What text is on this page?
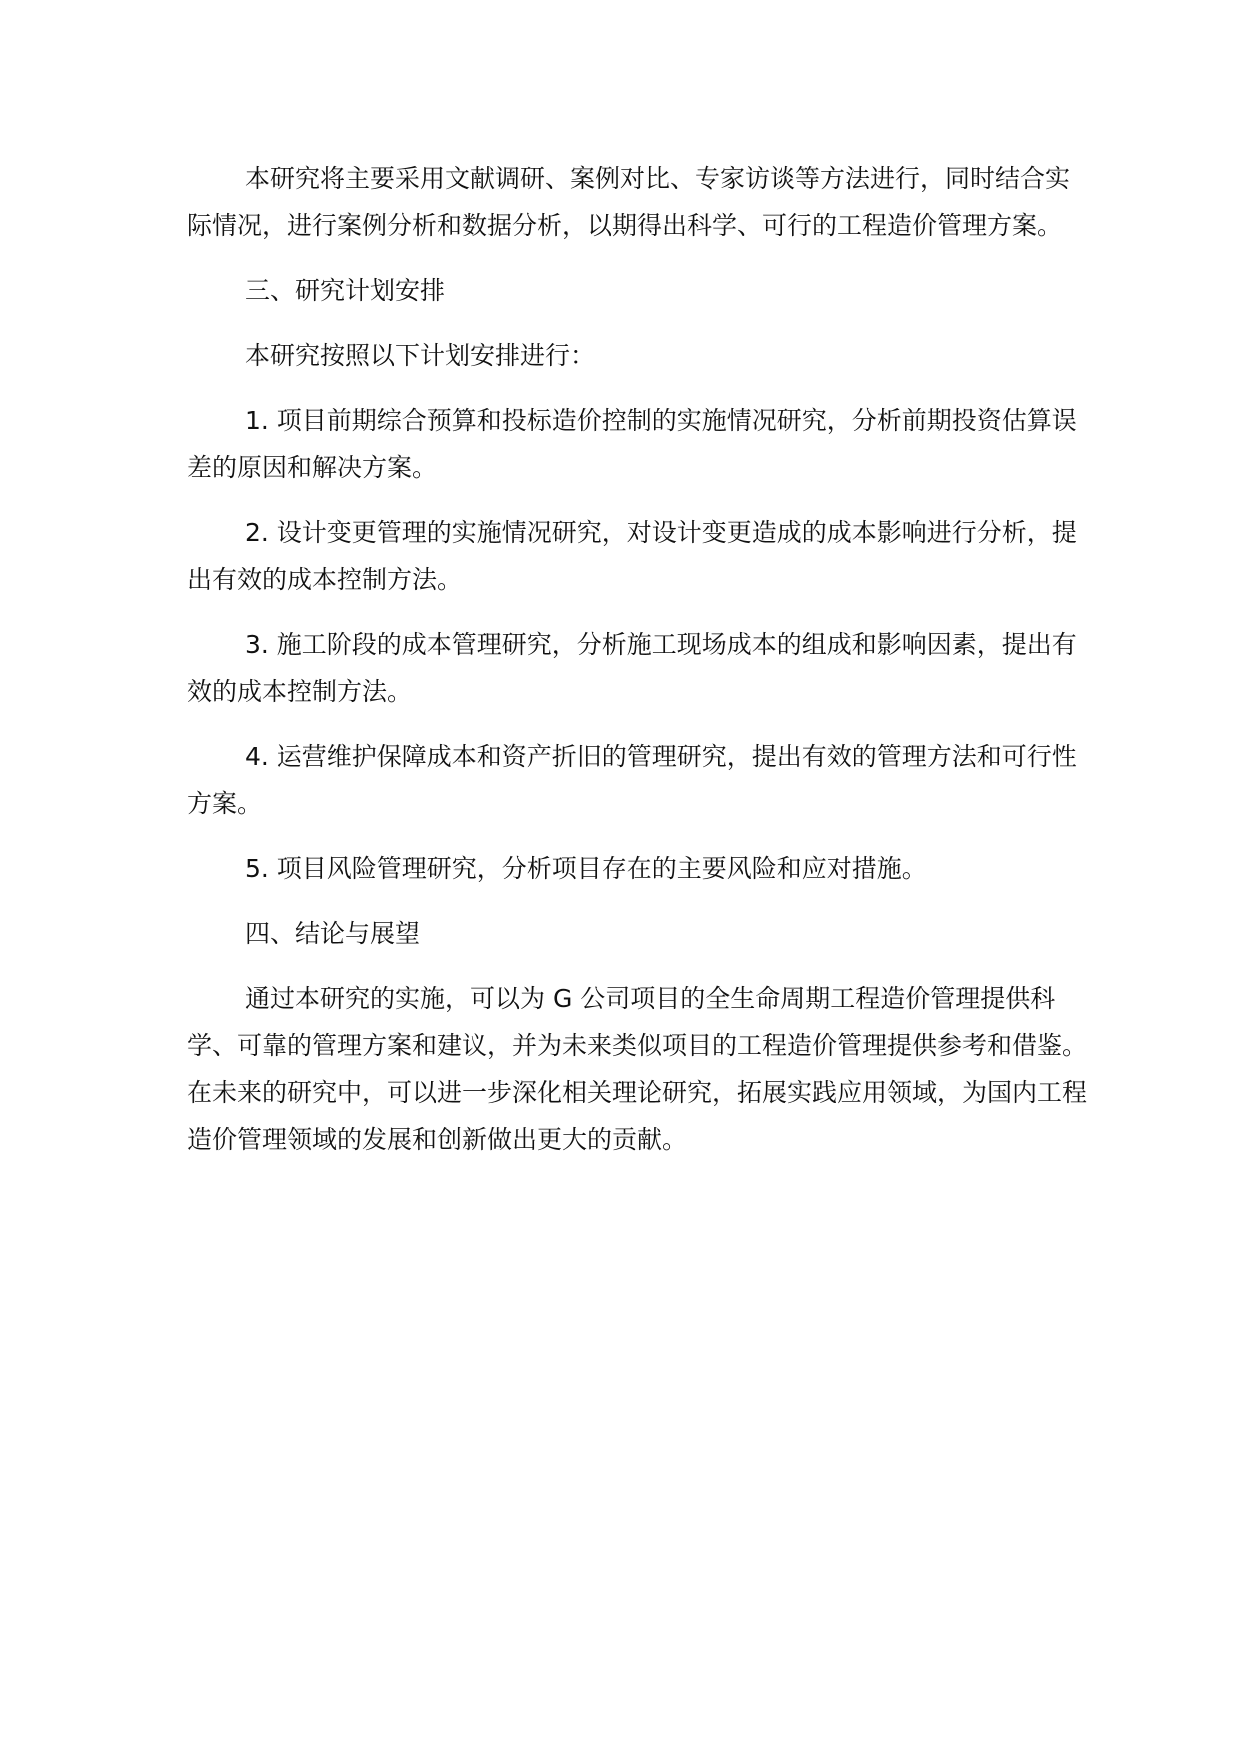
本研究将主要采用文献调研、案例对比、专家访谈等方法进行，同时结合实际情况，进行案例分析和数据分析，以期得出科学、可行的工程造价管理方案。

三、研究计划安排

本研究按照以下计划安排进行：

1. 项目前期综合预算和投标造价控制的实施情况研究，分析前期投资估算误差的原因和解决方案。

2. 设计变更管理的实施情况研究，对设计变更造成的成本影响进行分析，提出有效的成本控制方法。

3. 施工阶段的成本管理研究，分析施工现场成本的组成和影响因素，提出有效的成本控制方法。

4. 运营维护保障成本和资产折旧的管理研究，提出有效的管理方法和可行性方案。

5. 项目风险管理研究，分析项目存在的主要风险和应对措施。

四、结论与展望

通过本研究的实施，可以为 G 公司项目的全生命周期工程造价管理提供科学、可靠的管理方案和建议，并为未来类似项目的工程造价管理提供参考和借鉴。在未来的研究中，可以进一步深化相关理论研究，拓展实践应用领域，为国内工程造价管理领域的发展和创新做出更大的贡献。
